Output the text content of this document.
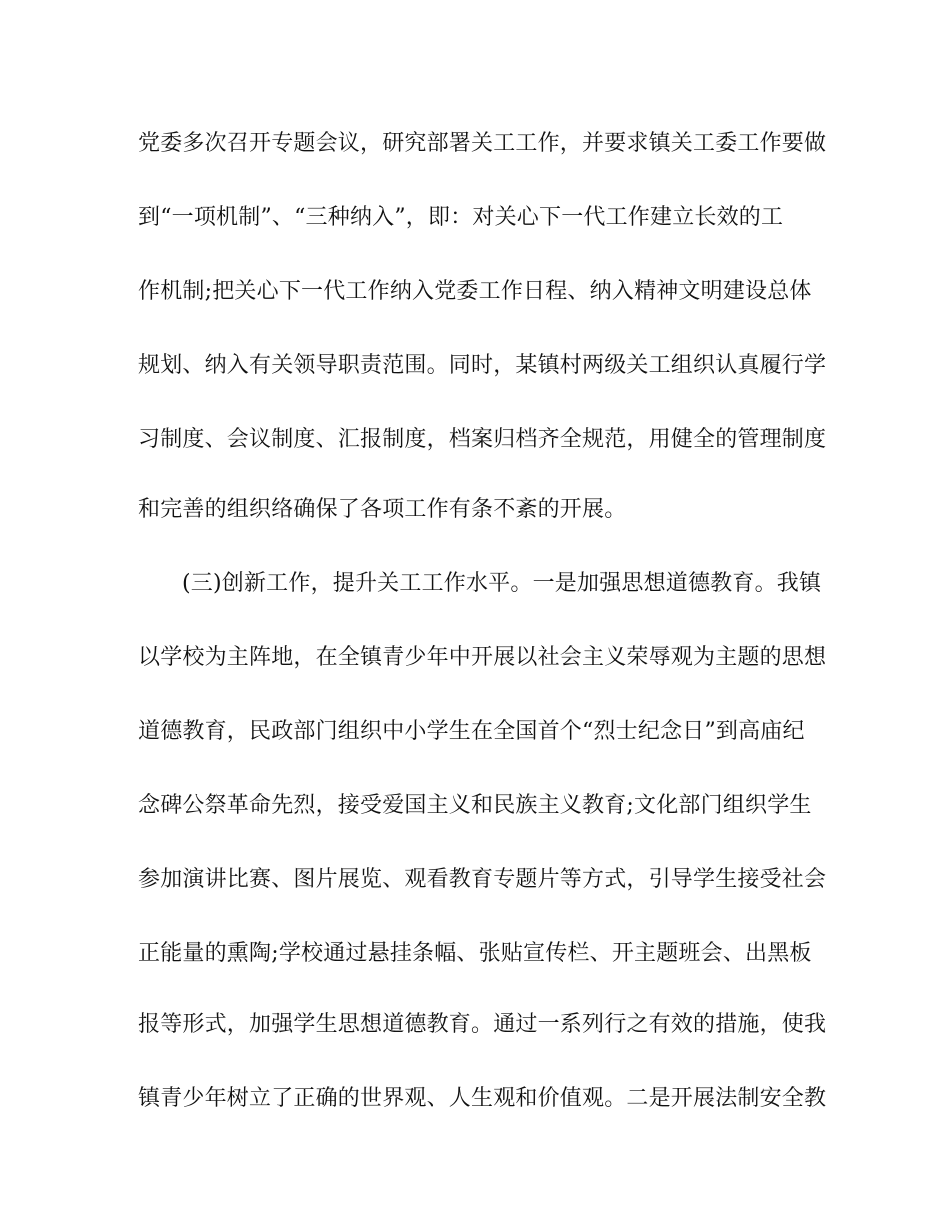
党委多次召开专题会议，研究部署关工工作，并要求镇关工委工作要做
到“一项机制”、“三种纳入”，即：对关心下一代工作建立长效的工
作机制;把关心下一代工作纳入党委工作日程、纳入精神文明建设总体
规划、纳入有关领导职责范围。同时，某镇村两级关工组织认真履行学
习制度、会议制度、汇报制度，档案归档齐全规范，用健全的管理制度
和完善的组织络确保了各项工作有条不紊的开展。
(三)创新工作，提升关工工作水平。一是加强思想道德教育。我镇
以学校为主阵地，在全镇青少年中开展以社会主义荣辱观为主题的思想
道德教育，民政部门组织中小学生在全国首个“烈士纪念日”到高庙纪
念碑公祭革命先烈，接受爱国主义和民族主义教育;文化部门组织学生
参加演讲比赛、图片展览、观看教育专题片等方式，引导学生接受社会
正能量的熏陶;学校通过悬挂条幅、张贴宣传栏、开主题班会、出黑板
报等形式，加强学生思想道德教育。通过一系列行之有效的措施，使我
镇青少年树立了正确的世界观、人生观和价值观。二是开展法制安全教
